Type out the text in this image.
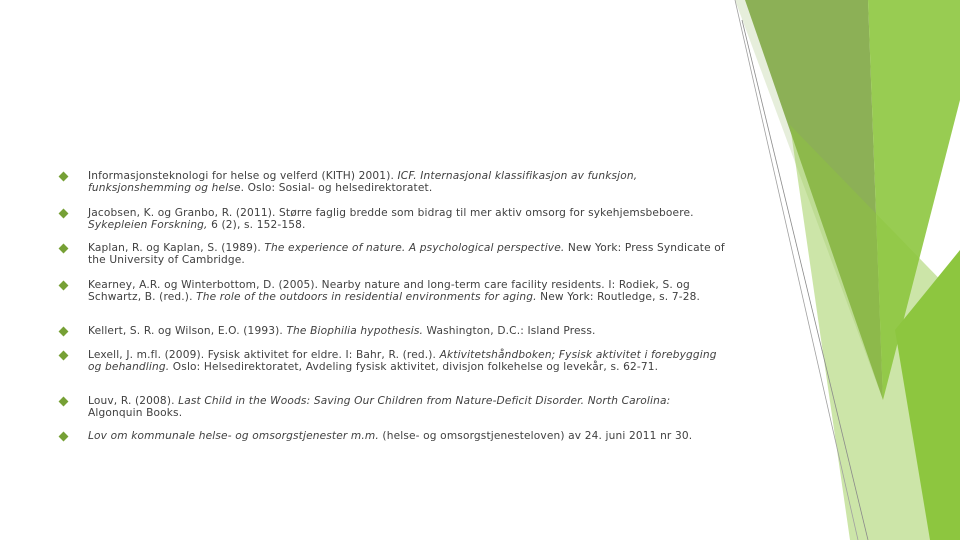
Informasjonsteknologi for helse og velferd (KITH) 2001). ICF. Internasjonal klassifikasjon av funksjon, funksjonshemming og helse. Oslo: Sosial- og helsedirektoratet.
Jacobsen, K. og Granbo, R. (2011). Større faglig bredde som bidrag til mer aktiv omsorg for sykehjemsbeboere. Sykepleien Forskning, 6 (2), s. 152-158.
Kaplan, R. og Kaplan, S. (1989). The experience of nature. A psychological perspective. New York: Press Syndicate of the University of Cambridge.
Kearney, A.R. og Winterbottom, D. (2005). Nearby nature and long-term care facility residents. I: Rodiek, S. og Schwartz, B. (red.). The role of the outdoors in residential environments for aging. New York: Routledge, s. 7-28.
Kellert, S. R. og Wilson, E.O. (1993). The Biophilia hypothesis. Washington, D.C.: Island Press.
Lexell, J. m.fl. (2009). Fysisk aktivitet for eldre. I: Bahr, R. (red.). Aktivitetshåndboken; Fysisk aktivitet i forebygging og behandling. Oslo: Helsedirektoratet, Avdeling fysisk aktivitet, divisjon folkehelse og levekår, s. 62-71.
Louv, R. (2008). Last Child in the Woods: Saving Our Children from Nature-Deficit Disorder. North Carolina: Algonquin Books.
Lov om kommunale helse- og omsorgstjenester m.m. (helse- og omsorgstjenesteloven) av 24. juni 2011 nr 30.
